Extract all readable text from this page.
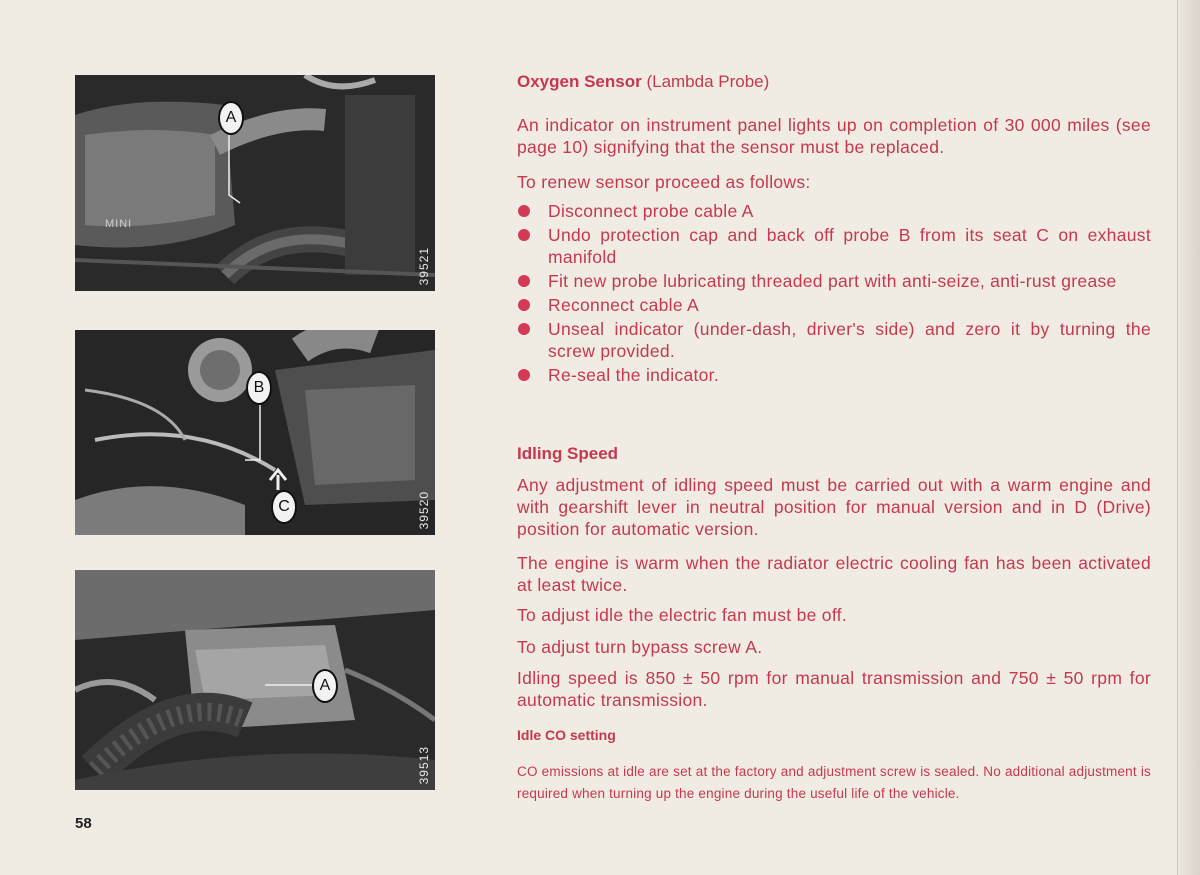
MINI
A
39521
B
C	39520
A
39513
Oxygen Sensor (Lambda Probe)
An indicator on instrument panel lights up on completion of 30 000 miles (see page 10) signifying that the sensor must be replaced.
To renew sensor proceed as follows:
Disconnect probe cable A
Undo protection cap and back off probe B from its seat C on exhaust manifold
Fit new probe lubricating threaded part with anti-seize, anti-rust grease
Reconnect cable A
Unseal indicator (under-dash, driver's side) and zero it by turning the screw provided.
Re-seal the indicator.
Idling Speed
Any adjustment of idling speed must be carried out with a warm engine and with gearshift lever in neutral position for manual version and in D (Drive) position for automatic version.
The engine is warm when the radiator electric cooling fan has been activated at least twice.
To adjust idle the electric fan must be off.
To adjust turn bypass screw A.
Idling speed is 850 ± 50 rpm for manual transmission and 750 ± 50 rpm for automatic transmission.
Idle CO setting
CO emissions at idle are set at the factory and adjustment screw is sealed. No additional adjustment is required when turning up the engine during the useful life of the vehicle.
58
